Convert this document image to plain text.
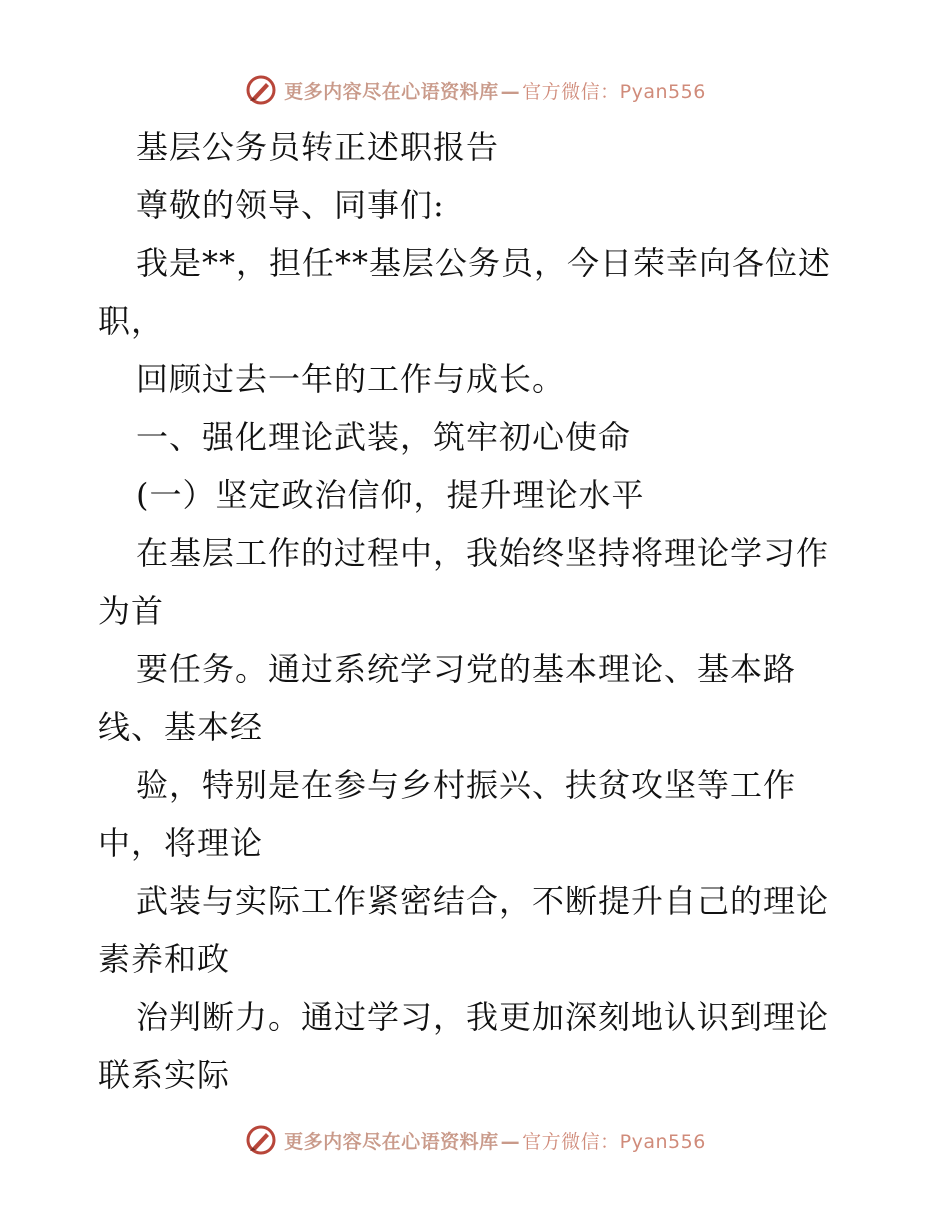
更多内容尽在心语资料库 — 官方微信：Pyan556
基层公务员转正述职报告
尊敬的领导、同事们:
我是**，担任**基层公务员，今日荣幸向各位述
职，
回顾过去一年的工作与成长。
一、强化理论武装，筑牢初心使命
(一）坚定政治信仰，提升理论水平
在基层工作的过程中，我始终坚持将理论学习作
为首
要任务。通过系统学习党的基本理论、基本路
线、基本经
验，特别是在参与乡村振兴、扶贫攻坚等工作
中，将理论
武装与实际工作紧密结合，不断提升自己的理论
素养和政
治判断力。通过学习，我更加深刻地认识到理论
联系实际
更多内容尽在心语资料库 — 官方微信：Pyan556
